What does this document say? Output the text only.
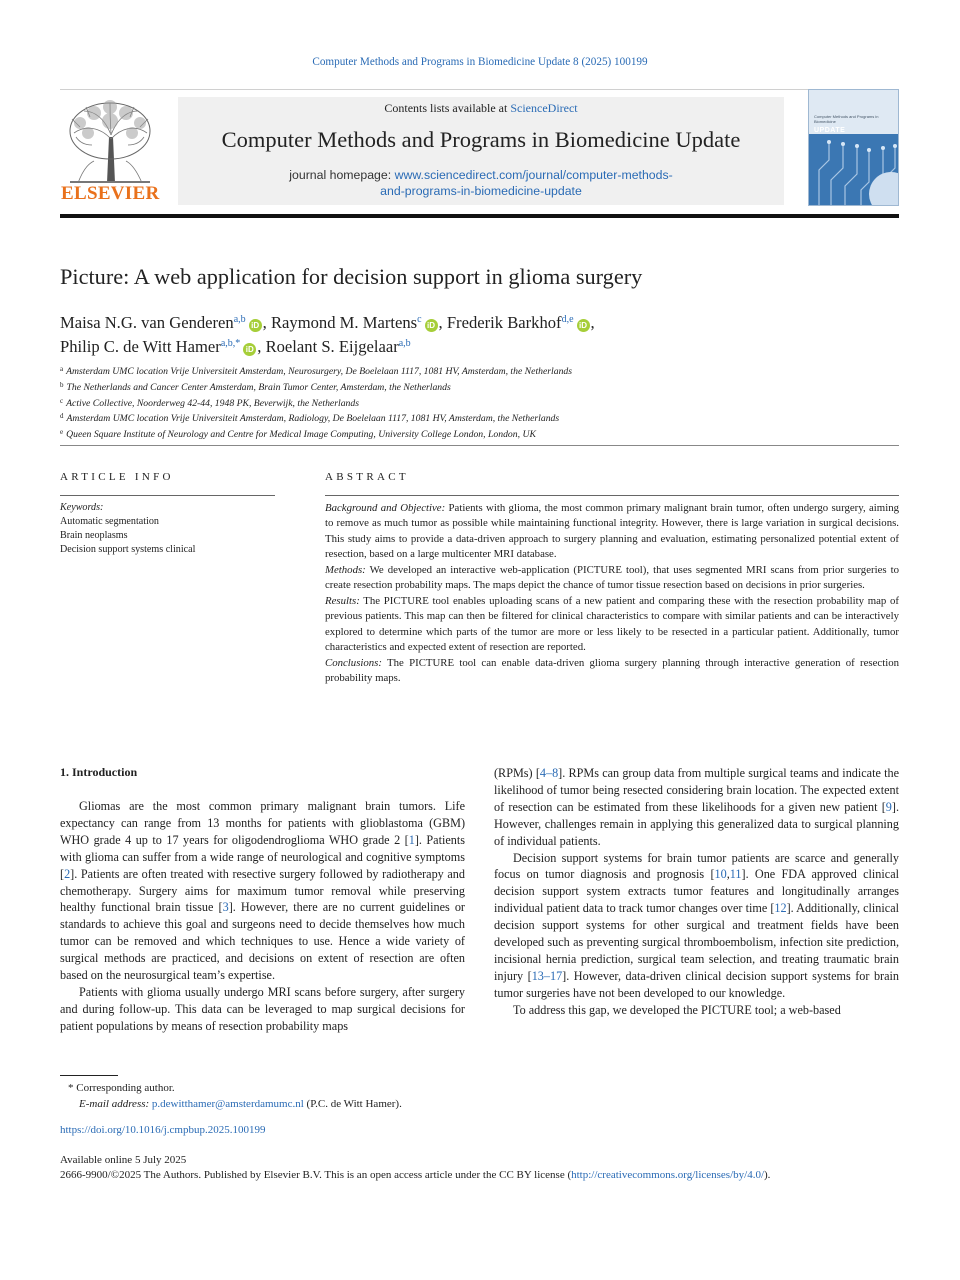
Computer Methods and Programs in Biomedicine Update 8 (2025) 100199
ELSEVIER
Contents lists available at ScienceDirect
Computer Methods and Programs in Biomedicine Update
journal homepage: www.sciencedirect.com/journal/computer-methods-
and-programs-in-biomedicine-update
Computer Methods and Programs in Biomedicine
UPDATE
Picture: A web application for decision support in glioma surgery
Maisa N.G. van Genderen$^{a,b}$iD , Raymond M. Martens$^c$iD , Frederik Barkhof$^{d,e}$iD ,
Philip C. de Witt Hamer$^{a,b,*}$iD , Roelant S. Eijgelaar$^{a,b}$
$^a$ Amsterdam UMC location Vrije Universiteit Amsterdam, Neurosurgery, De Boelelaan 1117, 1081 HV, Amsterdam, the Netherlands
$^b$ The Netherlands and Cancer Center Amsterdam, Brain Tumor Center, Amsterdam, the Netherlands
$^c$ Active Collective, Noorderweg 42-44, 1948 PK, Beverwijk, the Netherlands
$^d$ Amsterdam UMC location Vrije Universiteit Amsterdam, Radiology, De Boelelaan 1117, 1081 HV, Amsterdam, the Netherlands
$^e$ Queen Square Institute of Neurology and Centre for Medical Image Computing, University College London, London, UK
ARTICLE INFO	ABSTRACT
Keywords:
Automatic segmentation
Brain neoplasms
Decision support systems clinical
Background and Objective: Patients with glioma, the most common primary malignant brain tumor, often undergo surgery, aiming to remove as much tumor as possible while maintaining functional integrity. However, there is large variation in surgical decisions. This study aims to provide a data-driven approach to surgery planning and evaluation, estimating personalized potential extent of resection, based on a large multicenter MRI database.
Methods: We developed an interactive web-application (PICTURE tool), that uses segmented MRI scans from prior surgeries to create resection probability maps. The maps depict the chance of tumor tissue resection based on decisions in prior surgeries.
Results: The PICTURE tool enables uploading scans of a new patient and comparing these with the resection probability map of previous patients. This map can then be filtered for clinical characteristics to compare with similar patients and can be interactively explored to determine which parts of the tumor are more or less likely to be resected in a particular patient. Additionally, tumor characteristics and expected extent of resection are reported.
Conclusions: The PICTURE tool can enable data-driven glioma surgery planning through interactive generation of resection probability maps.
1. Introduction

Gliomas are the most common primary malignant brain tumors. Life expectancy can range from 13 months for patients with glioblastoma (GBM) WHO grade 4 up to 17 years for oligodendroglioma WHO grade 2 [1]. Patients with glioma can suffer from a wide range of neurological and cognitive symptoms [2]. Patients are often treated with resective surgery followed by radiotherapy and chemotherapy. Surgery aims for maximum tumor removal while preserving healthy functional brain tissue [3]. However, there are no current guidelines or standards to achieve this goal and surgeons need to decide themselves how much tumor can be removed and which techniques to use. Hence a wide variety of surgical methods are practiced, and decisions on extent of resection are often based on the neurosurgical team’s expertise.

Patients with glioma usually undergo MRI scans before surgery, after surgery and during follow-up. This data can be leveraged to map surgical decisions for patient populations by means of resection probability maps

(RPMs) [4–8]. RPMs can group data from multiple surgical teams and indicate the likelihood of tumor being resected considering brain location. The expected extent of resection can be estimated from these likelihoods for a given new patient [9]. However, challenges remain in applying this generalized data to surgical planning of individual patients.

Decision support systems for brain tumor patients are scarce and generally focus on tumor diagnosis and prognosis [10,11]. One FDA approved clinical decision support system extracts tumor features and longitudinally arranges individual patient data to track tumor changes over time [12]. Additionally, clinical decision support systems for other surgical and treatment fields have been developed such as preventing surgical thromboembolism, infection site prediction, incisional hernia prediction, surgical team selection, and treating traumatic brain injury [13–17]. However, data-driven clinical decision support systems for brain tumor surgeries have not been developed to our knowledge.

To address this gap, we developed the PICTURE tool; a web-based

* Corresponding author.
E-mail address: p.dewitthamer@amsterdamumc.nl (P.C. de Witt Hamer).
https://doi.org/10.1016/j.cmpbup.2025.100199
Available online 5 July 2025
2666-9900/©2025 The Authors. Published by Elsevier B.V. This is an open access article under the CC BY license (http://creativecommons.org/licenses/by/4.0/).
